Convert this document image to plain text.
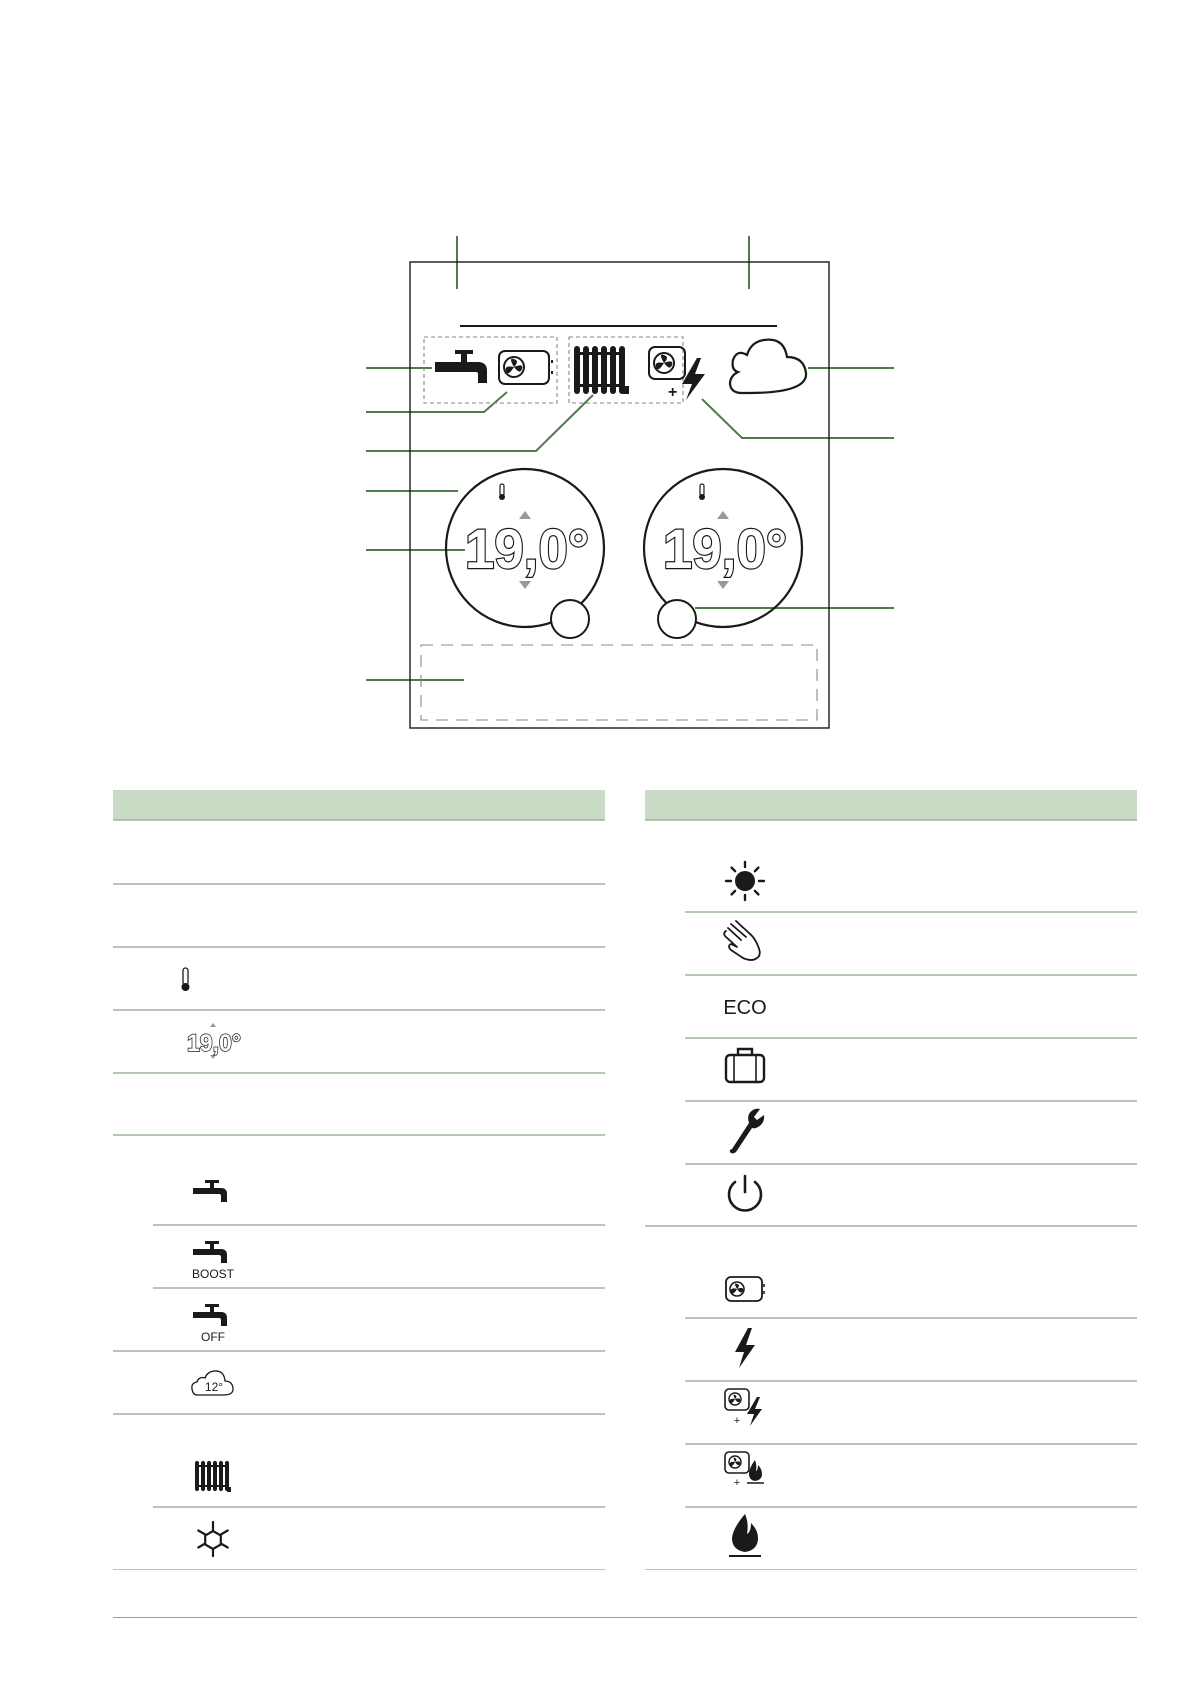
+
19,0° 19,0°
19,0°
BOOST
OFF
12°
ECO
+
+
